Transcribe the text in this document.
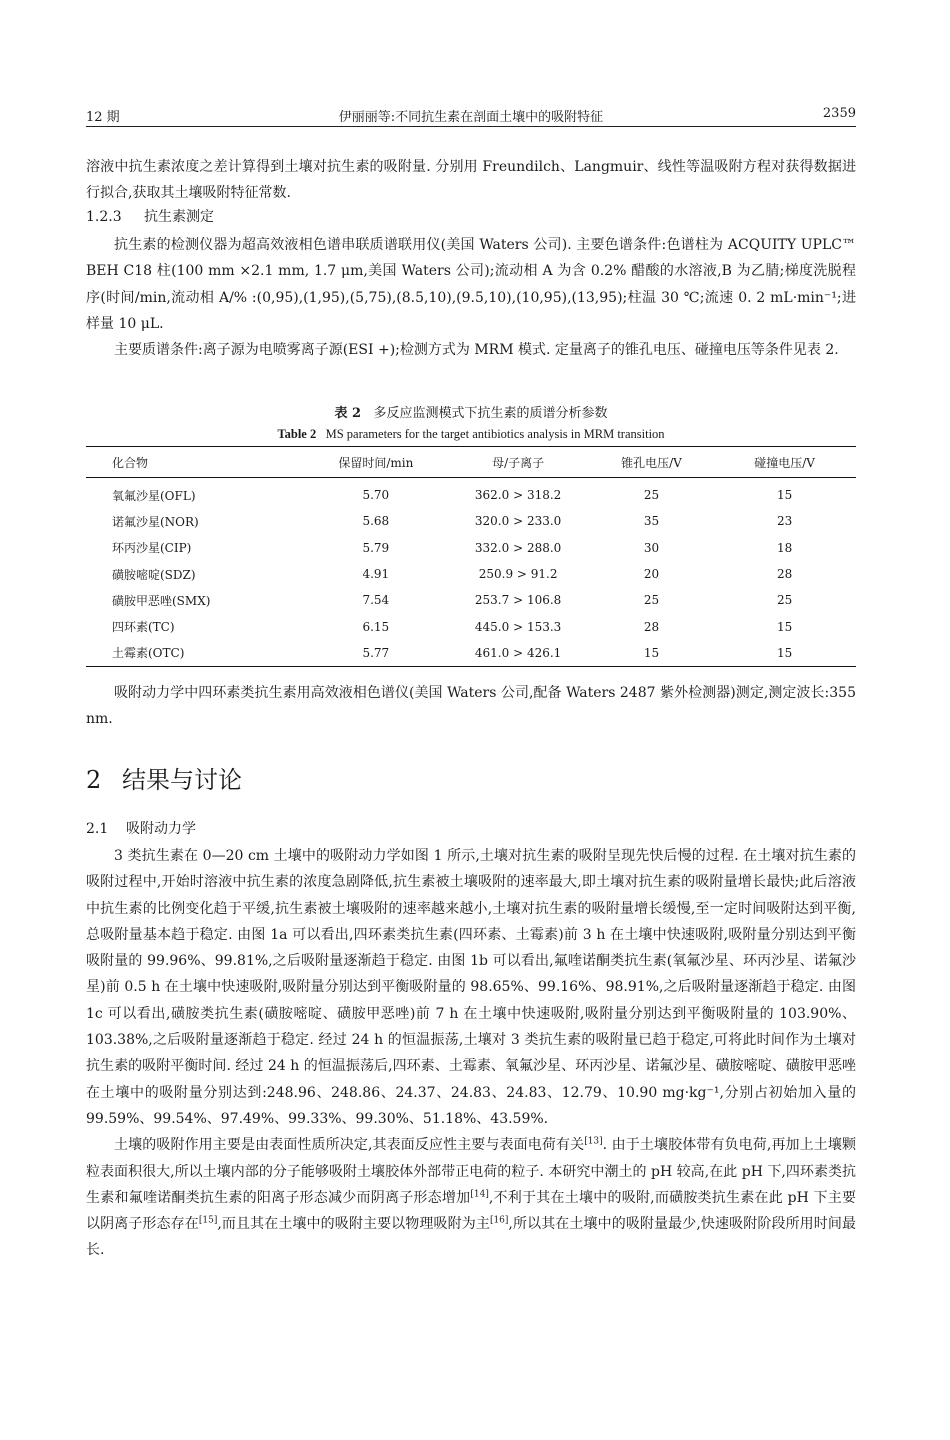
12 期	伊丽丽等:不同抗生素在剖面土壤中的吸附特征	2359

溶液中抗生素浓度之差计算得到土壤对抗生素的吸附量. 分别用 Freundilch、Langmuir、线性等温吸附方程对获得数据进行拟合,获取其土壤吸附特征常数.

1.2.3 抗生素测定

抗生素的检测仪器为超高效液相色谱串联质谱联用仪(美国 Waters 公司). 主要色谱条件:色谱柱为 ACQUITY UPLC™ BEH C18 柱(100 mm ×2.1 mm, 1.7 μm,美国 Waters 公司);流动相 A 为含 0.2% 醋酸的水溶液,B 为乙腈;梯度洗脱程序(时间/min,流动相 A/% :(0,95),(1,95),(5,75),(8.5,10),(9.5,10),(10,95),(13,95);柱温 30 ℃;流速 0. 2 mL·min⁻¹;进样量 10 μL.

主要质谱条件:离子源为电喷雾离子源(ESI +);检测方式为 MRM 模式. 定量离子的锥孔电压、碰撞电压等条件见表 2.

表 2 多反应监测模式下抗生素的质谱分析参数
Table 2 MS parameters for the target antibiotics analysis in MRM transition
化合物	保留时间/min	母/子离子	锥孔电压/V	碰撞电压/V
氧氟沙星(OFL)	5.70	362.0 > 318.2	25	15
诺氟沙星(NOR)	5.68	320.0 > 233.0	35	23
环丙沙星(CIP)	5.79	332.0 > 288.0	30	18
磺胺嘧啶(SDZ)	4.91	250.9 > 91.2	20	28
磺胺甲恶唑(SMX)	7.54	253.7 > 106.8	25	25
四环素(TC)	6.15	445.0 > 153.3	28	15
土霉素(OTC)	5.77	461.0 > 426.1	15	15

吸附动力学中四环素类抗生素用高效液相色谱仪(美国 Waters 公司,配备 Waters 2487 紫外检测器)测定,测定波长:355 nm.

2 结果与讨论
2.1 吸附动力学

3 类抗生素在 0—20 cm 土壤中的吸附动力学如图 1 所示,土壤对抗生素的吸附呈现先快后慢的过程. 在土壤对抗生素的吸附过程中,开始时溶液中抗生素的浓度急剧降低,抗生素被土壤吸附的速率最大,即土壤对抗生素的吸附量增长最快;此后溶液中抗生素的比例变化趋于平缓,抗生素被土壤吸附的速率越来越小,土壤对抗生素的吸附量增长缓慢,至一定时间吸附达到平衡,总吸附量基本趋于稳定. 由图 1a 可以看出,四环素类抗生素(四环素、土霉素)前 3 h 在土壤中快速吸附,吸附量分别达到平衡吸附量的 99.96%、99.81%,之后吸附量逐渐趋于稳定. 由图 1b 可以看出,氟喹诺酮类抗生素(氧氟沙星、环丙沙星、诺氟沙星)前 0.5 h 在土壤中快速吸附,吸附量分别达到平衡吸附量的 98.65%、99.16%、98.91%,之后吸附量逐渐趋于稳定. 由图 1c 可以看出,磺胺类抗生素(磺胺嘧啶、磺胺甲恶唑)前 7 h 在土壤中快速吸附,吸附量分别达到平衡吸附量的 103.90%、103.38%,之后吸附量逐渐趋于稳定. 经过 24 h 的恒温振荡,土壤对 3 类抗生素的吸附量已趋于稳定,可将此时间作为土壤对抗生素的吸附平衡时间. 经过 24 h 的恒温振荡后,四环素、土霉素、氧氟沙星、环丙沙星、诺氟沙星、磺胺嘧啶、磺胺甲恶唑在土壤中的吸附量分别达到:248.96、248.86、24.37、24.83、24.83、12.79、10.90 mg·kg⁻¹,分别占初始加入量的 99.59%、99.54%、97.49%、99.33%、99.30%、51.18%、43.59%.

土壤的吸附作用主要是由表面性质所决定,其表面反应性主要与表面电荷有关[13]. 由于土壤胶体带有负电荷,再加上土壤颗粒表面积很大,所以土壤内部的分子能够吸附土壤胶体外部带正电荷的粒子. 本研究中潮土的 pH 较高,在此 pH 下,四环素类抗生素和氟喹诺酮类抗生素的阳离子形态减少而阴离子形态增加[14],不利于其在土壤中的吸附,而磺胺类抗生素在此 pH 下主要以阴离子形态存在[15],而且其在土壤中的吸附主要以物理吸附为主[16],所以其在土壤中的吸附量最少,快速吸附阶段所用时间最长.
